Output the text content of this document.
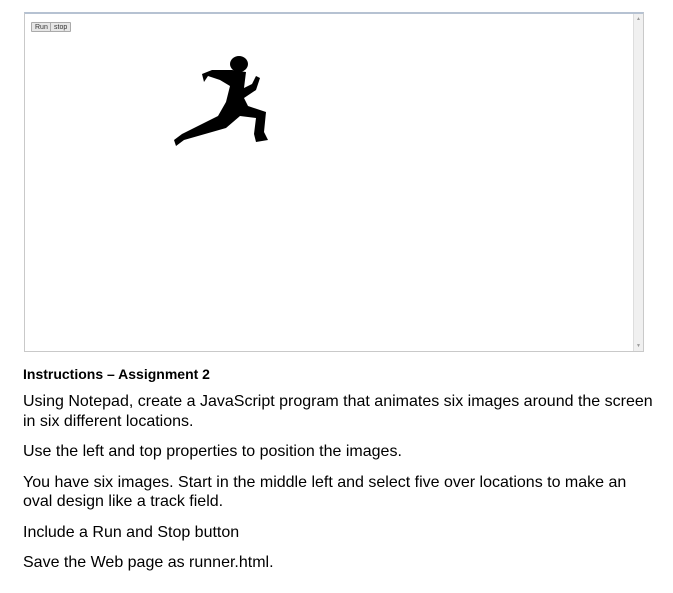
Run stop
▲
▼
Instructions – Assignment 2

Using Notepad, create a JavaScript program that animates six images around the screen in six different locations.

Use the left and top properties to position the images.

You have six images. Start in the middle left and select five over locations to make an oval design like a track field.

Include a Run and Stop button

Save the Web page as runner.html.
